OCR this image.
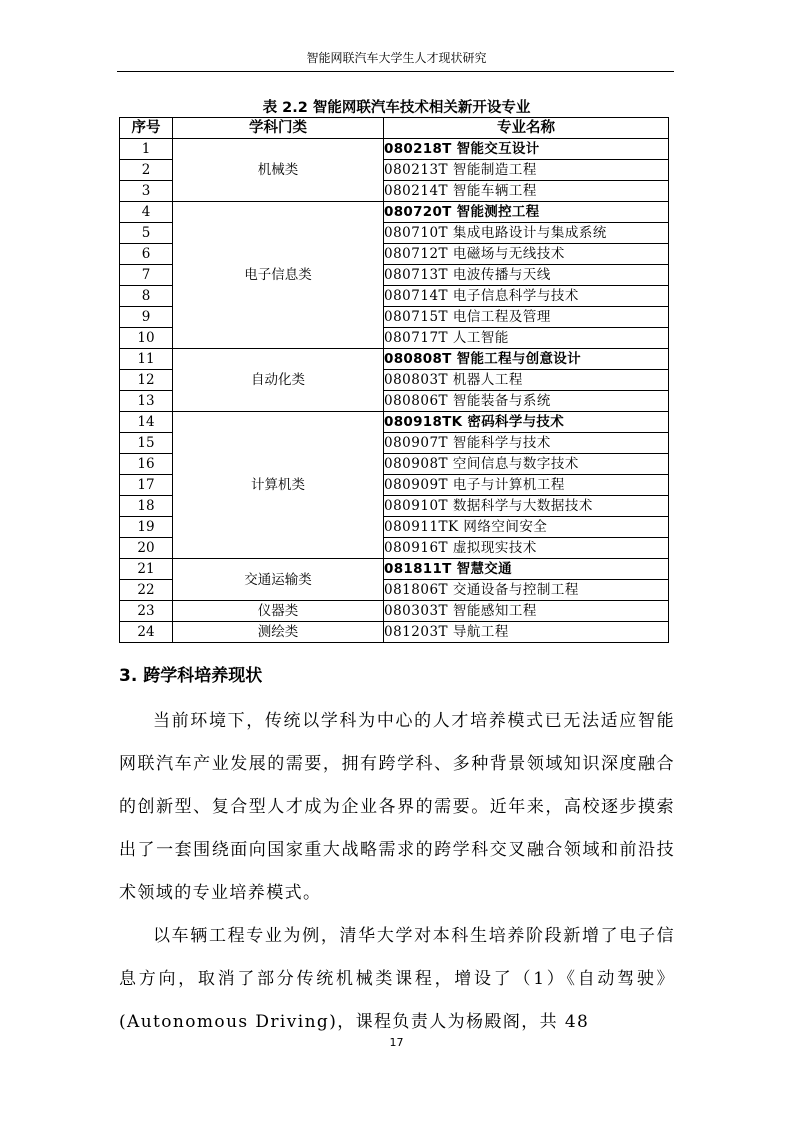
智能网联汽车大学生人才现状研究
表 2.2 智能网联汽车技术相关新开设专业
序号	学科门类	专业名称
1	机械类	080218T 智能交互设计
2		080213T 智能制造工程
3		080214T 智能车辆工程
4	电子信息类	080720T 智能测控工程
5		080710T 集成电路设计与集成系统
6		080712T 电磁场与无线技术
7		080713T 电波传播与天线
8		080714T 电子信息科学与技术
9		080715T 电信工程及管理
10		080717T 人工智能
11	自动化类	080808T 智能工程与创意设计
12		080803T 机器人工程
13		080806T 智能装备与系统
14	计算机类	080918TK 密码科学与技术
15		080907T 智能科学与技术
16		080908T 空间信息与数字技术
17		080909T 电子与计算机工程
18		080910T 数据科学与大数据技术
19		080911TK 网络空间安全
20		080916T 虚拟现实技术
21	交通运输类	081811T 智慧交通
22		081806T 交通设备与控制工程
23	仪器类	080303T 智能感知工程
24	测绘类	081203T 导航工程
3. 跨学科培养现状

当前环境下，传统以学科为中心的人才培养模式已无法适应智能网联汽车产业发展的需要，拥有跨学科、多种背景领域知识深度融合的创新型、复合型人才成为企业各界的需要。近年来，高校逐步摸索出了一套围绕面向国家重大战略需求的跨学科交叉融合领域和前沿技术领域的专业培养模式。

以车辆工程专业为例，清华大学对本科生培养阶段新增了电子信息方向，取消了部分传统机械类课程，增设了（1）《自动驾驶》(Autonomous Driving)，课程负责人为杨殿阁，共 48

17
